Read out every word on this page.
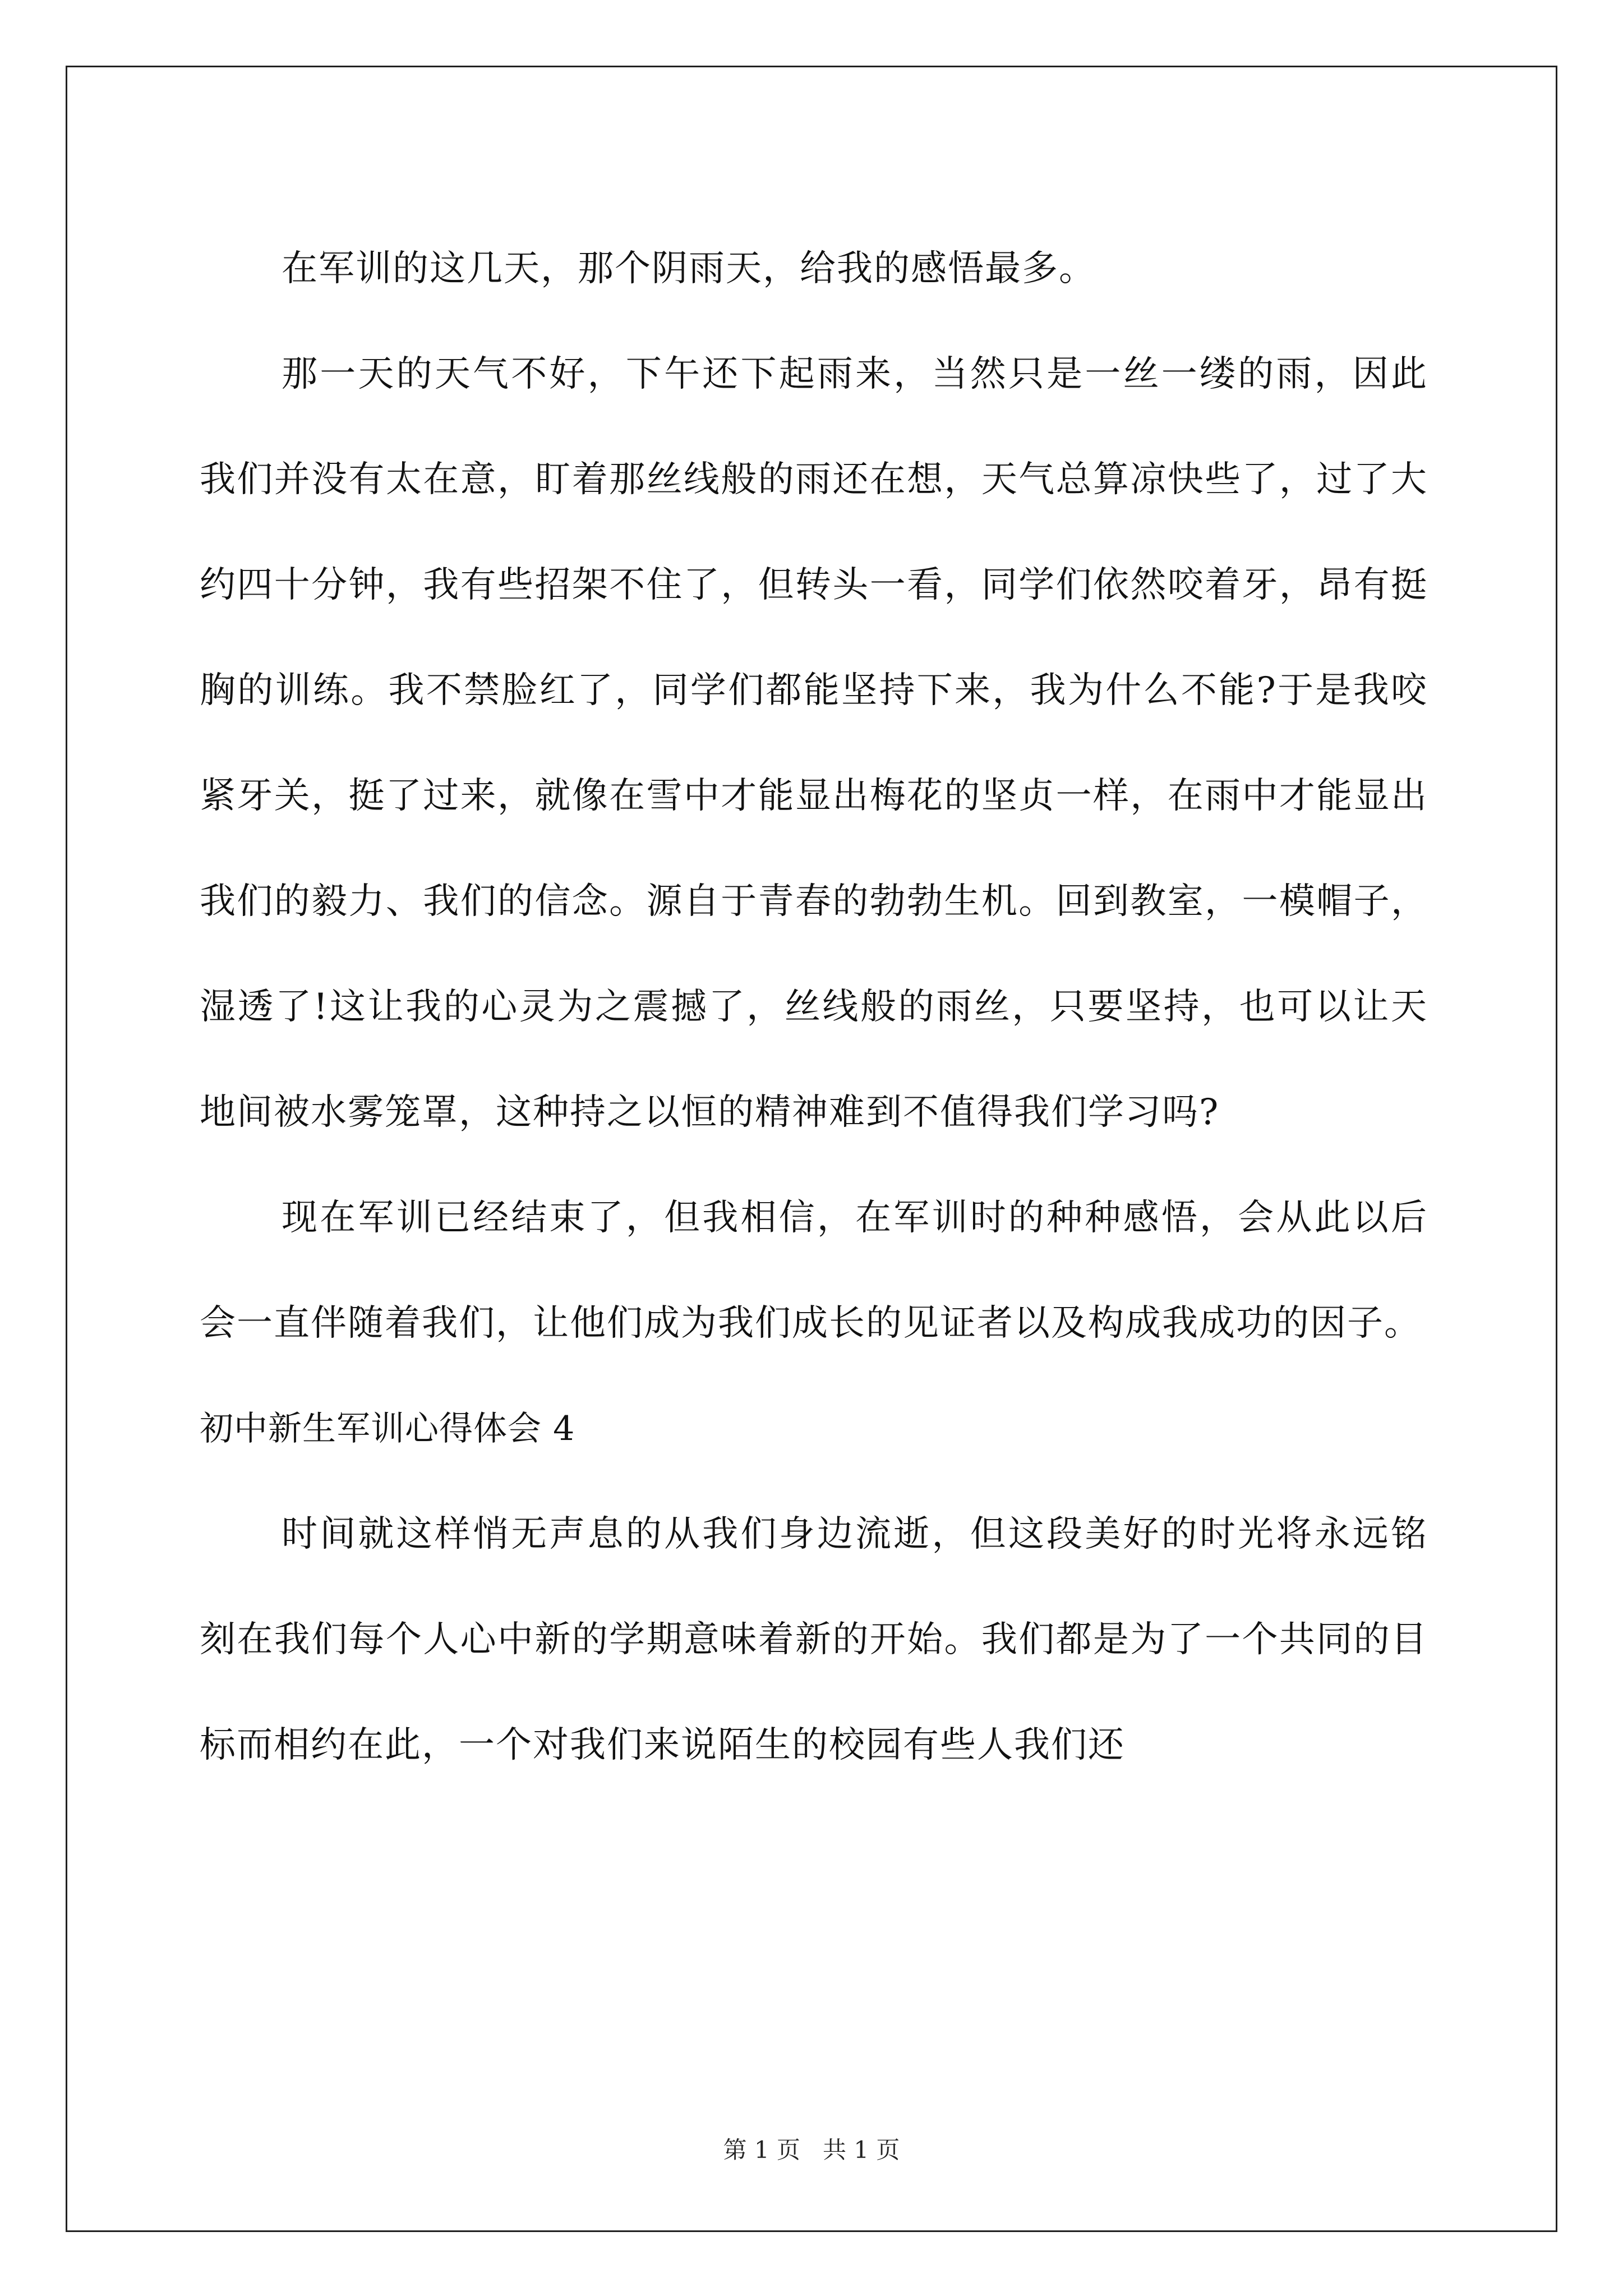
在军训的这几天，那个阴雨天，给我的感悟最多。

那一天的天气不好，下午还下起雨来，当然只是一丝一缕的雨，因此我们并没有太在意，盯着那丝线般的雨还在想，天气总算凉快些了，过了大约四十分钟，我有些招架不住了，但转头一看，同学们依然咬着牙，昂有挺胸的训练。我不禁脸红了，同学们都能坚持下来，我为什么不能?于是我咬紧牙关，挺了过来，就像在雪中才能显出梅花的坚贞一样，在雨中才能显出我们的毅力、我们的信念。源自于青春的勃勃生机。回到教室，一模帽子，湿透了!这让我的心灵为之震撼了，丝线般的雨丝，只要坚持，也可以让天地间被水雾笼罩，这种持之以恒的精神难到不值得我们学习吗?

现在军训已经结束了，但我相信，在军训时的种种感悟，会从此以后会一直伴随着我们，让他们成为我们成长的见证者以及构成我成功的因子。

初中新生军训心得体会 4

时间就这样悄无声息的从我们身边流逝，但这段美好的时光将永远铭刻在我们每个人心中新的学期意味着新的开始。我们都是为了一个共同的目标而相约在此，一个对我们来说陌生的校园有些人我们还

第 1 页 共 1 页
